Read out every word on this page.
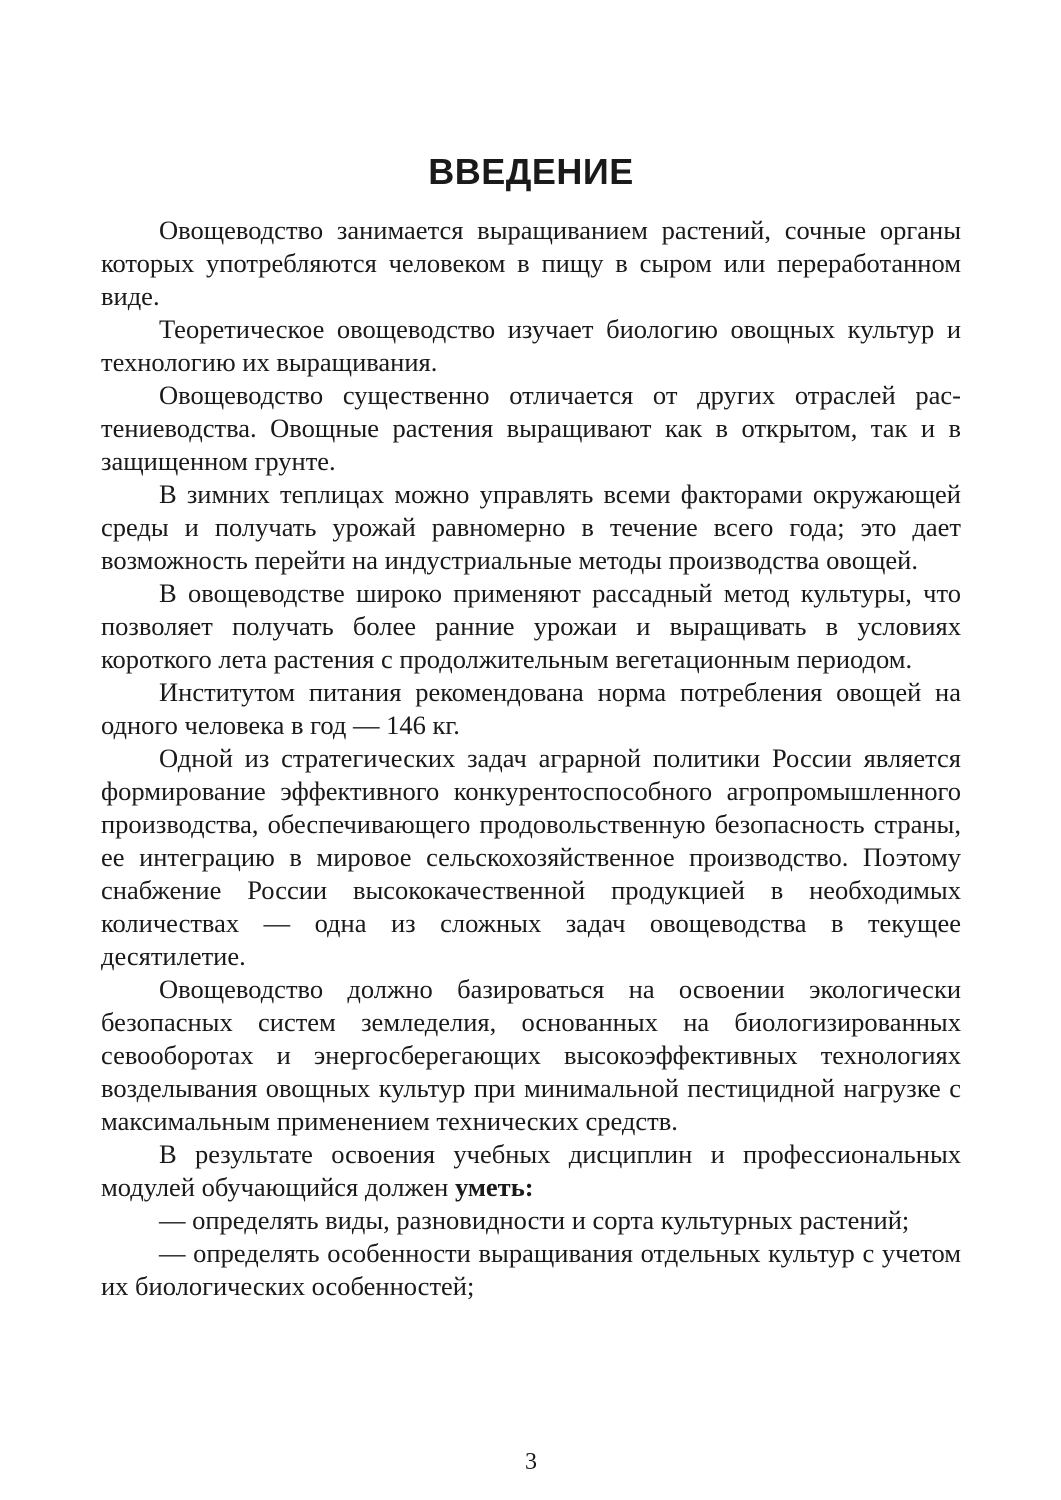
ВВЕДЕНИЕ

Овощеводство занимается выращиванием растений, сочные органы которых употребляются человеком в пищу в сыром или переработанном виде.

Теоретическое овощеводство изучает биологию овощных культур и технологию их выращивания.

Овощеводство существенно отличается от других отраслей растениеводства. Овощные растения выращивают как в открытом, так и в защищенном грунте.

В зимних теплицах можно управлять всеми факторами окружающей среды и получать урожай равномерно в течение всего года; это дает возможность перейти на индустриальные методы производства овощей.

В овощеводстве широко применяют рассадный метод культуры, что позволяет получать более ранние урожаи и выращивать в условиях короткого лета растения с продолжительным вегетационным периодом.

Институтом питания рекомендована норма потребления овощей на одного человека в год — 146 кг.

Одной из стратегических задач аграрной политики России является формирование эффективного конкурентоспособного агропромышленного производства, обеспечивающего продовольственную безопасность страны, ее интеграцию в мировое сельскохозяйственное производство. Поэтому снабжение России высококачественной продукцией в необходимых количествах — одна из сложных задач овощеводства в текущее десятилетие.

Овощеводство должно базироваться на освоении экологически безопасных систем земледелия, основанных на биологизированных севооборотах и энергосберегающих высокоэффективных технологиях возделывания овощных культур при минимальной пестицидной нагрузке с максимальным применением технических средств.

В результате освоения учебных дисциплин и профессиональных модулей обучающийся должен уметь:

— определять виды, разновидности и сорта культурных растений;

— определять особенности выращивания отдельных культур с учетом их биологических особенностей;

3
